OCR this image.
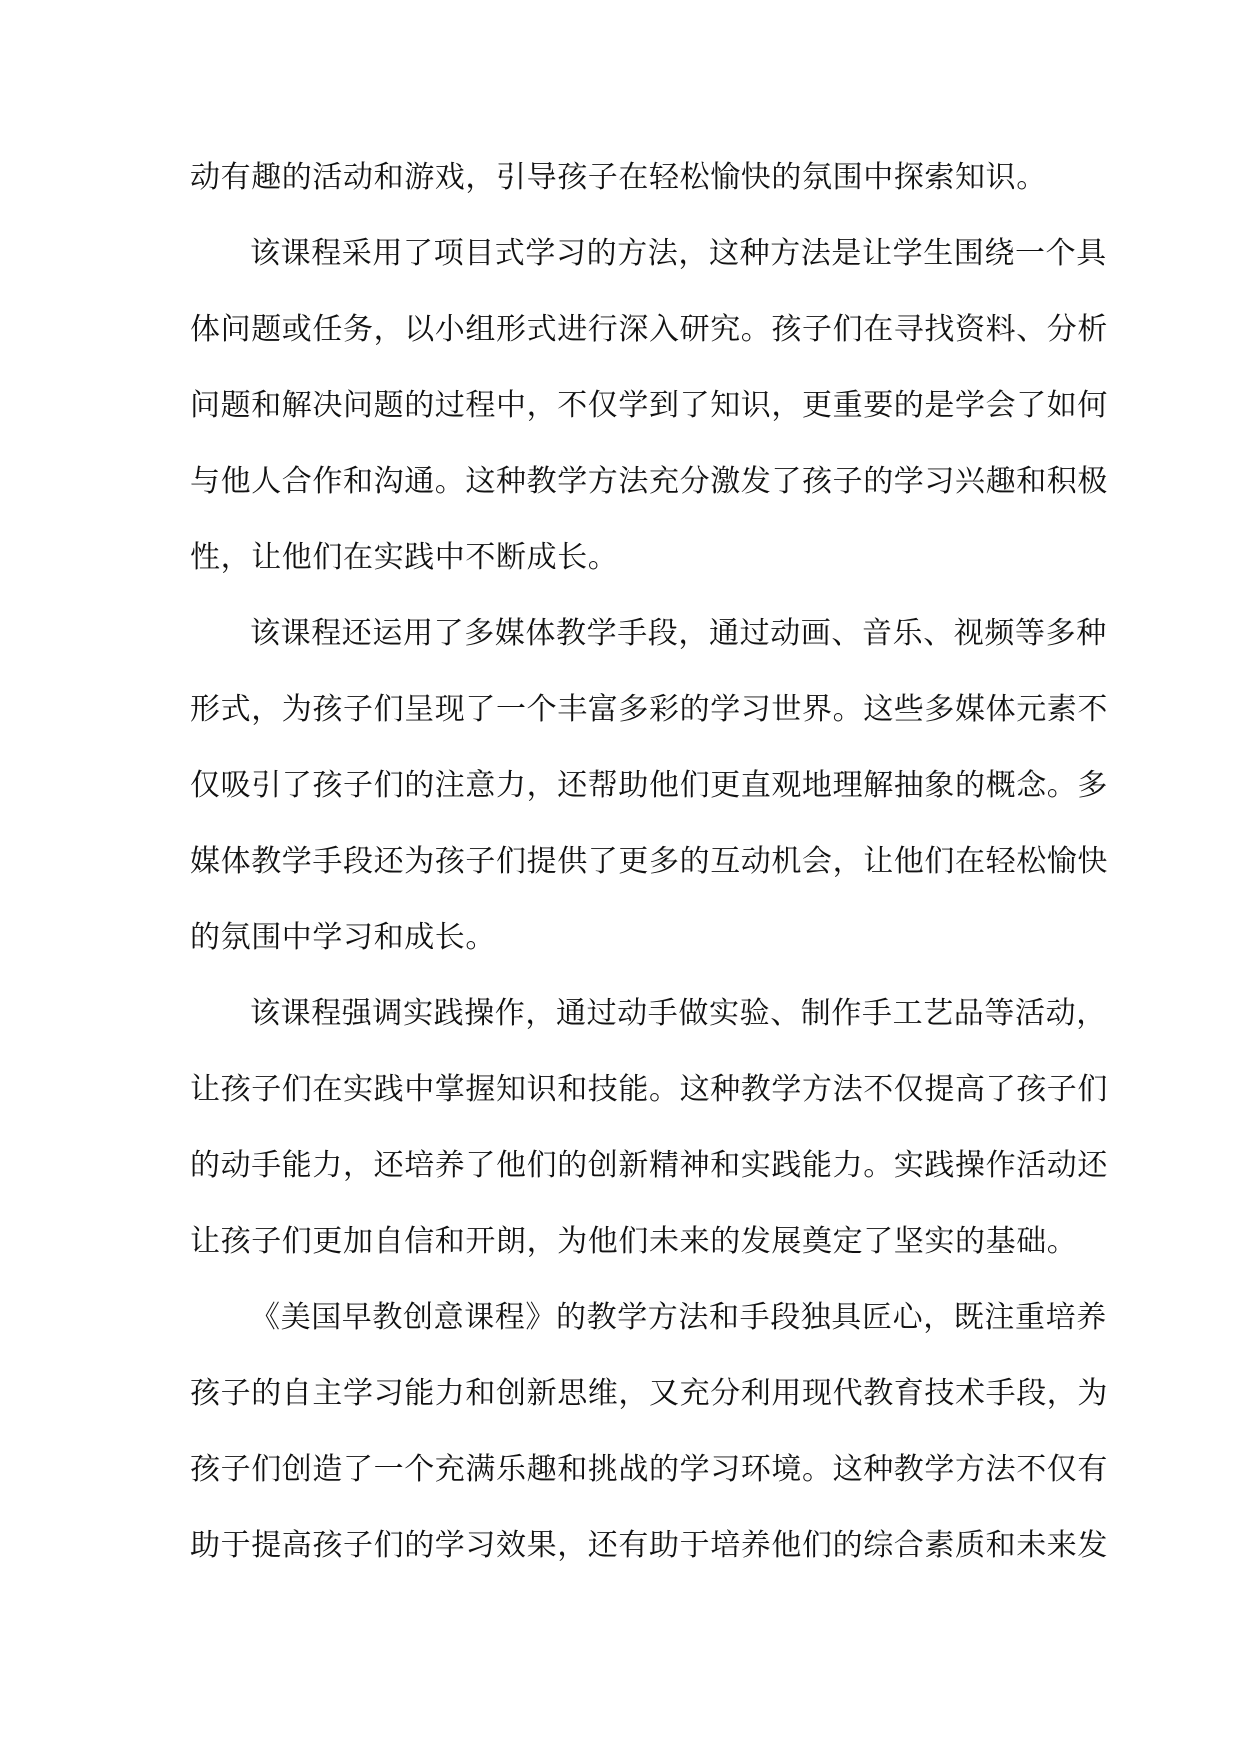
动有趣的活动和游戏，引导孩子在轻松愉快的氛围中探索知识。
该课程采用了项目式学习的方法，这种方法是让学生围绕一个具
体问题或任务，以小组形式进行深入研究。孩子们在寻找资料、分析
问题和解决问题的过程中，不仅学到了知识，更重要的是学会了如何
与他人合作和沟通。这种教学方法充分激发了孩子的学习兴趣和积极
性，让他们在实践中不断成长。
该课程还运用了多媒体教学手段，通过动画、音乐、视频等多种
形式，为孩子们呈现了一个丰富多彩的学习世界。这些多媒体元素不
仅吸引了孩子们的注意力，还帮助他们更直观地理解抽象的概念。多
媒体教学手段还为孩子们提供了更多的互动机会，让他们在轻松愉快
的氛围中学习和成长。
该课程强调实践操作，通过动手做实验、制作手工艺品等活动，
让孩子们在实践中掌握知识和技能。这种教学方法不仅提高了孩子们
的动手能力，还培养了他们的创新精神和实践能力。实践操作活动还
让孩子们更加自信和开朗，为他们未来的发展奠定了坚实的基础。
《美国早教创意课程》的教学方法和手段独具匠心，既注重培养
孩子的自主学习能力和创新思维，又充分利用现代教育技术手段，为
孩子们创造了一个充满乐趣和挑战的学习环境。这种教学方法不仅有
助于提高孩子们的学习效果，还有助于培养他们的综合素质和未来发
